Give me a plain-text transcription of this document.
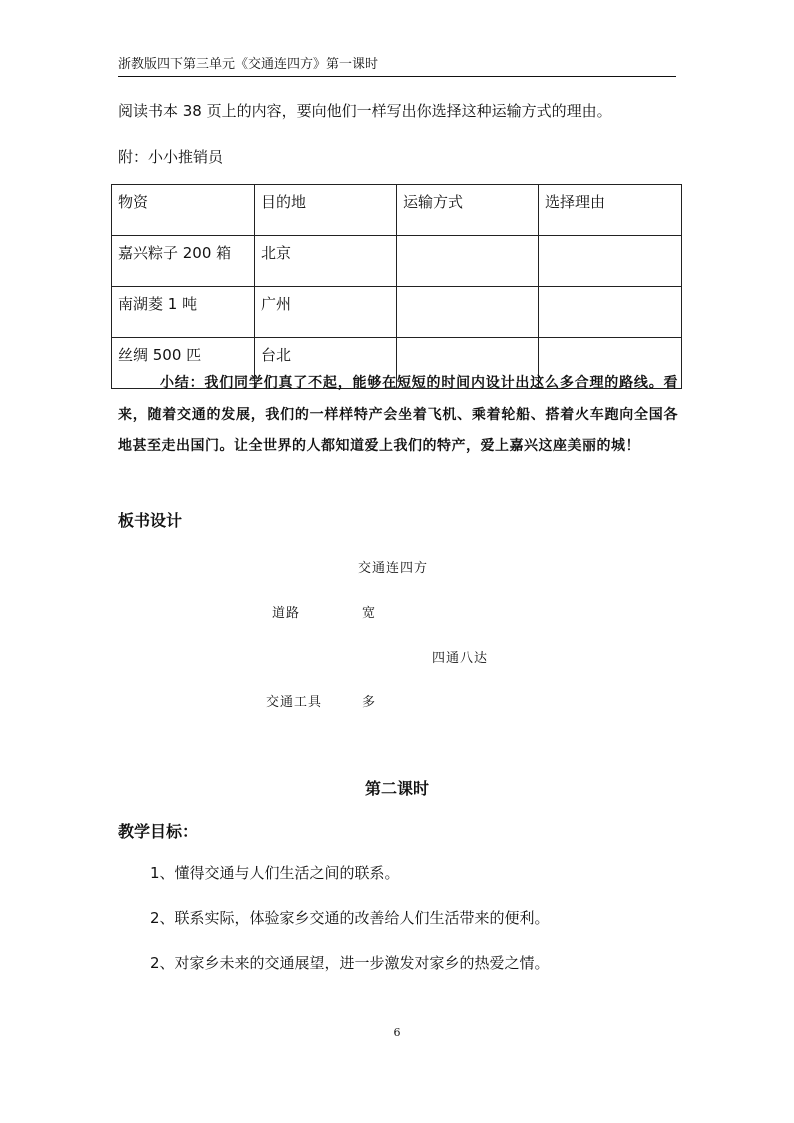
浙教版四下第三单元《交通连四方》第一课时
阅读书本 38 页上的内容，要向他们一样写出你选择这种运输方式的理由。
附：小小推销员
物资	目的地	运输方式	选择理由
嘉兴粽子 200 箱	北京		
南湖菱 1 吨	广州		
丝绸 500 匹	台北		
小结：我们同学们真了不起，能够在短短的时间内设计出这么多合理的路线。看来，随着交通的发展，我们的一样样特产会坐着飞机、乘着轮船、搭着火车跑向全国各地甚至走出国门。让全世界的人都知道爱上我们的特产，爱上嘉兴这座美丽的城！
板书设计
交通连四方
道路	宽
四通八达
交通工具	多
第二课时
教学目标：
1、懂得交通与人们生活之间的联系。
2、联系实际，体验家乡交通的改善给人们生活带来的便利。
2、对家乡未来的交通展望，进一步激发对家乡的热爱之情。
6
